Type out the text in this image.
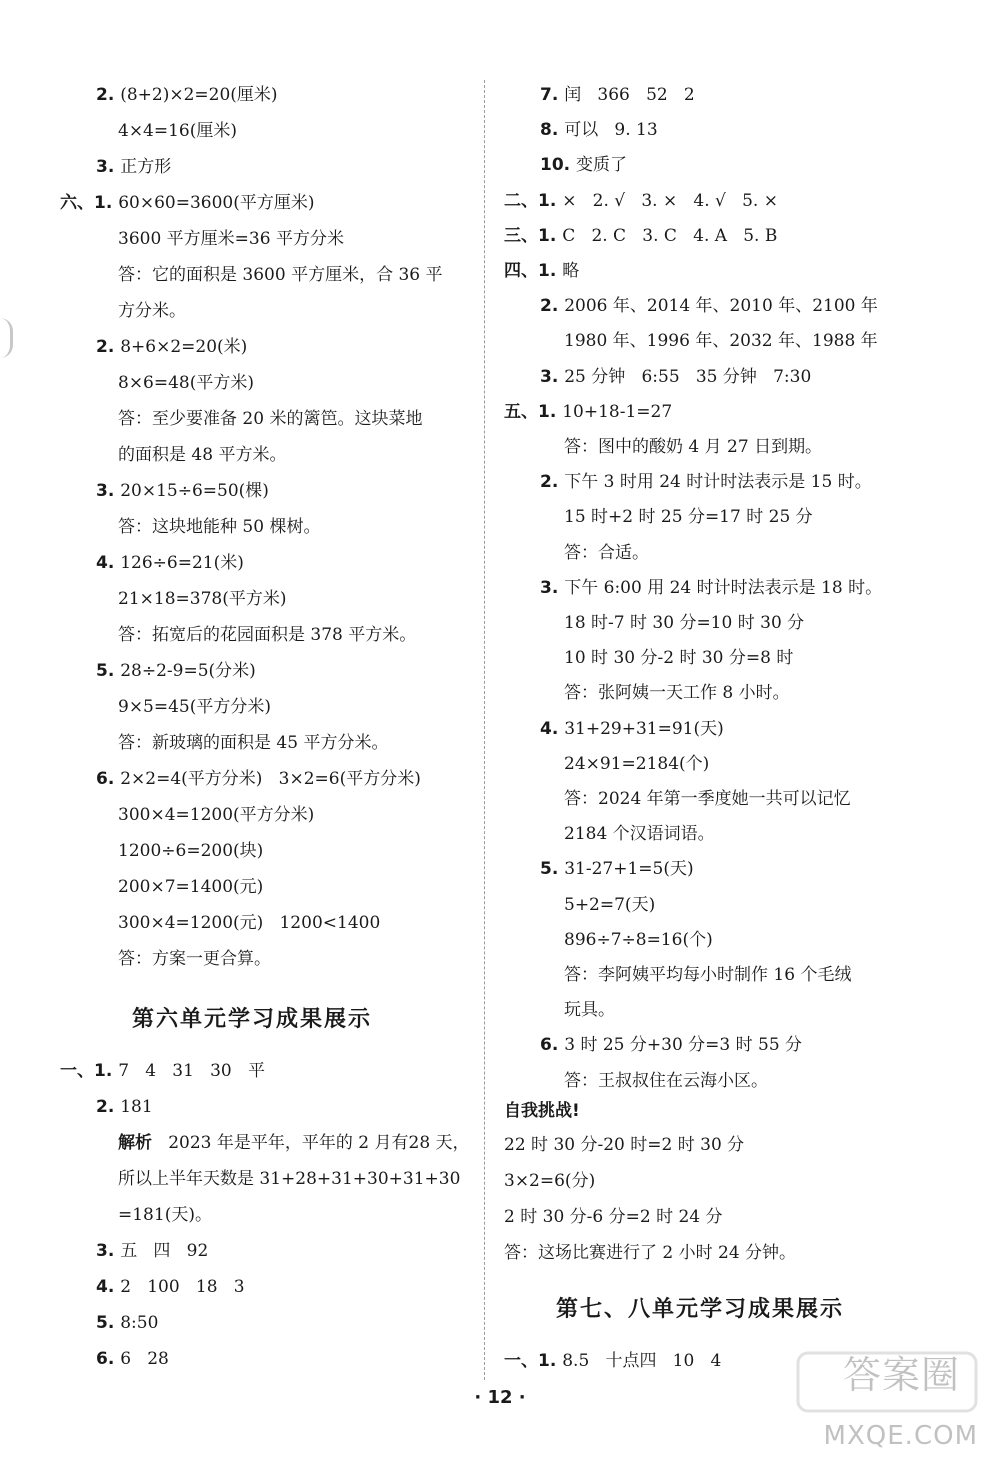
2. (8+2)×2=20(厘米)
4×4=16(厘米)
3. 正方形
六、1. 60×60=3600(平方厘米)
3600 平方厘米=36 平方分米
答：它的面积是 3600 平方厘米，合 36 平
方分米。
2. 8+6×2=20(米)
8×6=48(平方米)
答：至少要准备 20 米的篱笆。这块菜地
的面积是 48 平方米。
3. 20×15÷6=50(棵)
答：这块地能种 50 棵树。
4. 126÷6=21(米)
21×18=378(平方米)
答：拓宽后的花园面积是 378 平方米。
5. 28÷2-9=5(分米)
9×5=45(平方分米)
答：新玻璃的面积是 45 平方分米。
6. 2×2=4(平方分米)   3×2=6(平方分米)
300×4=1200(平方分米)
1200÷6=200(块)
200×7=1400(元)
300×4=1200(元)   1200<1400
答：方案一更合算。
第六单元学习成果展示
一、1. 7   4   31   30   平
2. 181
解析   2023 年是平年，平年的 2 月有28 天，
所以上半年天数是 31+28+31+30+31+30
=181(天)。
3. 五   四   92
4. 2   100   18   3
5. 8:50
6. 6   28
7. 闰   366   52   2
8. 可以   9. 13
10. 变质了
二、1. ×   2. √   3. ×   4. √   5. ×
三、1. C   2. C   3. C   4. A   5. B
四、1. 略
2. 2006 年、2014 年、2010 年、2100 年
1980 年、1996 年、2032 年、1988 年
3. 25 分钟   6:55   35 分钟   7:30
五、1. 10+18-1=27
答：图中的酸奶 4 月 27 日到期。
2. 下午 3 时用 24 时计时法表示是 15 时。
15 时+2 时 25 分=17 时 25 分
答：合适。
3. 下午 6:00 用 24 时计时法表示是 18 时。
18 时-7 时 30 分=10 时 30 分
10 时 30 分-2 时 30 分=8 时
答：张阿姨一天工作 8 小时。
4. 31+29+31=91(天)
24×91=2184(个)
答：2024 年第一季度她一共可以记忆
2184 个汉语词语。
5. 31-27+1=5(天)
5+2=7(天)
896÷7÷8=16(个)
答：李阿姨平均每小时制作 16 个毛绒
玩具。
6. 3 时 25 分+30 分=3 时 55 分
答：王叔叔住在云海小区。
自我挑战!
22 时 30 分-20 时=2 时 30 分
3×2=6(分)
2 时 30 分-6 分=2 时 24 分
答：这场比赛进行了 2 小时 24 分钟。
第七、八单元学习成果展示
一、1. 8.5   十点四   10   4
· 12 ·
答案圈
MXQE.COM
